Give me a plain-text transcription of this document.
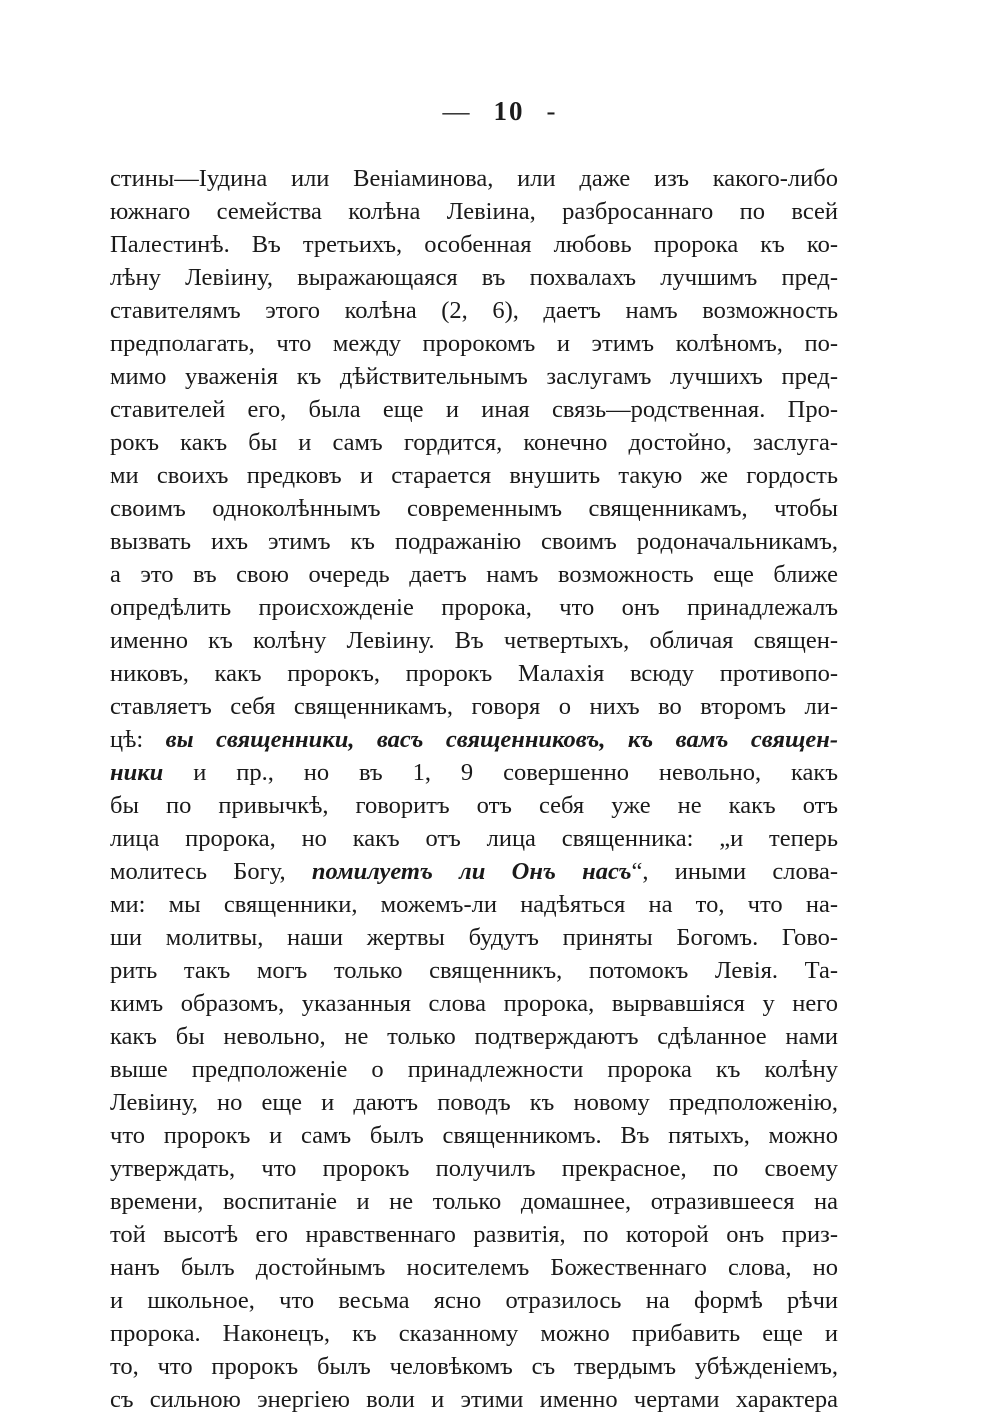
— 10 -
стины—Іудина или Веніаминова, или даже изъ какого-либо
южнаго семейства колѣна Левіина, разбросаннаго по всей
Палестинѣ. Въ третьихъ, особенная любовь пророка къ ко-
лѣну Левіину, выражающаяся въ похвалахъ лучшимъ пред-
ставителямъ этого колѣна (2, 6), даетъ намъ возможность
предполагать, что между пророкомъ и этимъ колѣномъ, по-
мимо уваженія къ дѣйствительнымъ заслугамъ лучшихъ пред-
ставителей его, была еще и иная связь—родственная. Про-
рокъ какъ бы и самъ гордится, конечно достойно, заслуга-
ми своихъ предковъ и старается внушить такую же гордость
своимъ одноколѣннымъ современнымъ священникамъ, чтобы
вызвать ихъ этимъ къ подражанію своимъ родоначальникамъ,
а это въ свою очередь даетъ намъ возможность еще ближе
опредѣлить происхожденіе пророка, что онъ принадлежалъ
именно къ колѣну Левіину. Въ четвертыхъ, обличая священ-
никовъ, какъ пророкъ, пророкъ Малахія всюду противопо-
ставляетъ себя священникамъ, говоря о нихъ во второмъ ли-
цѣ: вы священники, васъ священниковъ, къ вамъ священ-
ники и пр., но въ 1, 9 совершенно невольно, какъ
бы по привычкѣ, говоритъ отъ себя уже не какъ отъ
лица пророка, но какъ отъ лица священника: „и теперь
молитесь Богу, помилуетъ ли Онъ насъ“, иными слова-
ми: мы священники, можемъ-ли надѣяться на то, что на-
ши молитвы, наши жертвы будутъ приняты Богомъ. Гово-
рить такъ могъ только священникъ, потомокъ Левія. Та-
кимъ образомъ, указанныя слова пророка, вырвавшіяся у него
какъ бы невольно, не только подтверждаютъ сдѣланное нами
выше предположеніе о принадлежности пророка къ колѣну
Левіину, но еще и даютъ поводъ къ новому предположенію,
что пророкъ и самъ былъ священникомъ. Въ пятыхъ, можно
утверждать, что пророкъ получилъ прекрасное, по своему
времени, воспитаніе и не только домашнее, отразившееся на
той высотѣ его нравственнаго развитія, по которой онъ приз-
нанъ былъ достойнымъ носителемъ Божественнаго слова, но
и школьное, что весьма ясно отразилось на формѣ рѣчи
пророка. Наконецъ, къ сказанному можно прибавить еще и
то, что пророкъ былъ человѣкомъ съ твердымъ убѣжденіемъ,
съ сильною энергіею воли и этими именно чертами характера
